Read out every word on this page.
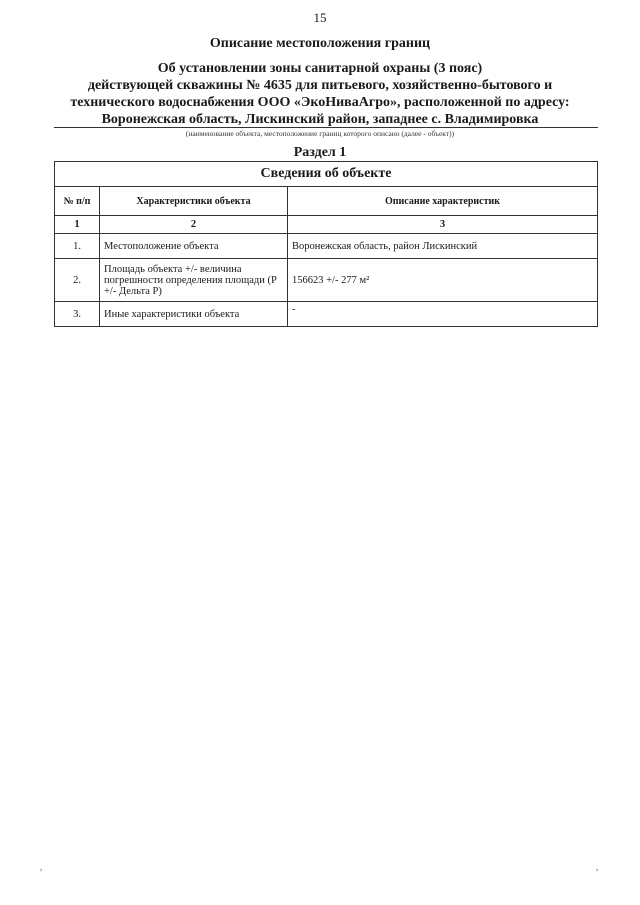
15
Описание местоположения границ
Об установлении зоны санитарной охраны (3 пояс)
действующей скважины № 4635 для питьевого, хозяйственно-бытового и
технического водоснабжения ООО «ЭкоНиваАгро», расположенной по адресу:
Воронежская область, Лискинский район, западнее с. Владимировка
(наименование объекта, местоположение границ которого описано (далее - объект))
Раздел 1
Сведения об объекте		
№ п/п	Характеристики объекта	Описание характеристик
1	2	3
1.	Местоположение объекта	Воронежская область, район Лискинский
2.	Площадь объекта +/- величина погрешности определения площади (Р +/- Дельта Р)	156623 +/- 277 м²
3.	Иные характеристики объекта	-
,	,
